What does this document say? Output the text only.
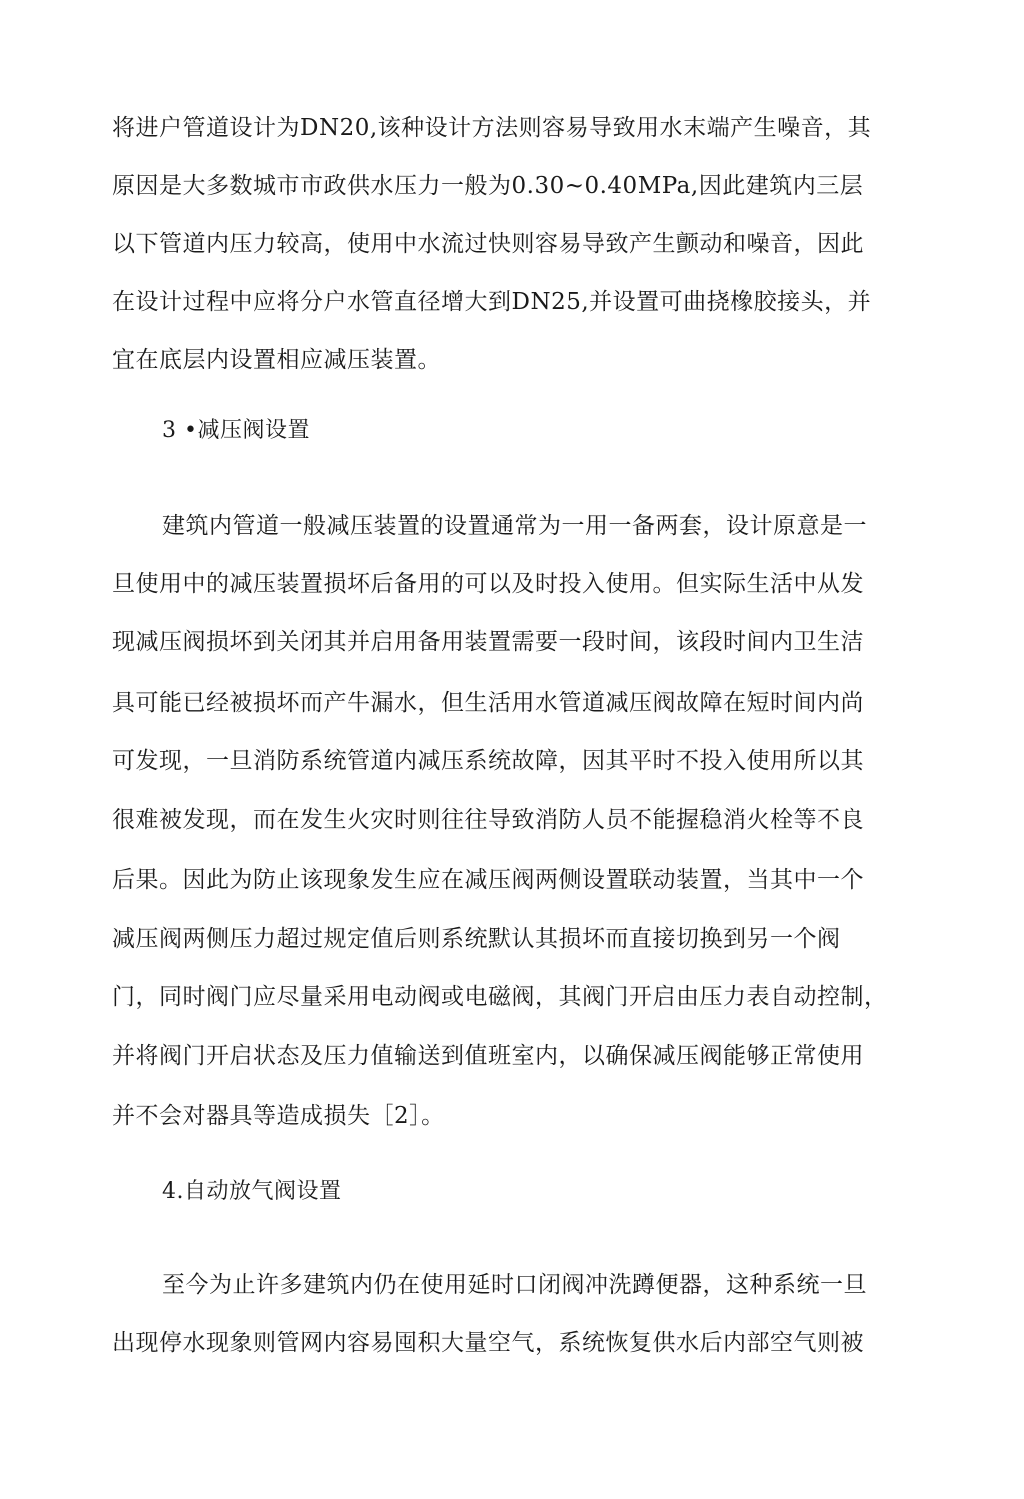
将进户管道设计为DN20,该种设计方法则容易导致用水末端产生噪音，其
原因是大多数城市市政供水压力一般为0.30~0.40MPa,因此建筑内三层
以下管道内压力较高，使用中水流过快则容易导致产生颤动和噪音，因此
在设计过程中应将分户水管直径增大到DN25,并设置可曲挠橡胶接头，并
宜在底层内设置相应减压装置。
3 •减压阀设置
建筑内管道一般减压装置的设置通常为一用一备两套，设计原意是一
旦使用中的减压装置损坏后备用的可以及时投入使用。但实际生活中从发
现减压阀损坏到关闭其并启用备用装置需要一段时间，该段时间内卫生洁
具可能已经被损坏而产牛漏水，但生活用水管道减压阀故障在短时间内尚
可发现，一旦消防系统管道内减压系统故障，因其平时不投入使用所以其
很难被发现，而在发生火灾时则往往导致消防人员不能握稳消火栓等不良
后果。因此为防止该现象发生应在减压阀两侧设置联动装置，当其中一个
减压阀两侧压力超过规定值后则系统默认其损坏而直接切换到另一个阀
门，同时阀门应尽量采用电动阀或电磁阀，其阀门开启由压力表自动控制，
并将阀门开启状态及压力值输送到值班室内，以确保减压阀能够正常使用
并不会对器具等造成损失［2］。
4.自动放气阀设置
至今为止许多建筑内仍在使用延时口闭阀冲洗蹲便器，这种系统一旦
出现停水现象则管网内容易囤积大量空气，系统恢复供水后内部空气则被
